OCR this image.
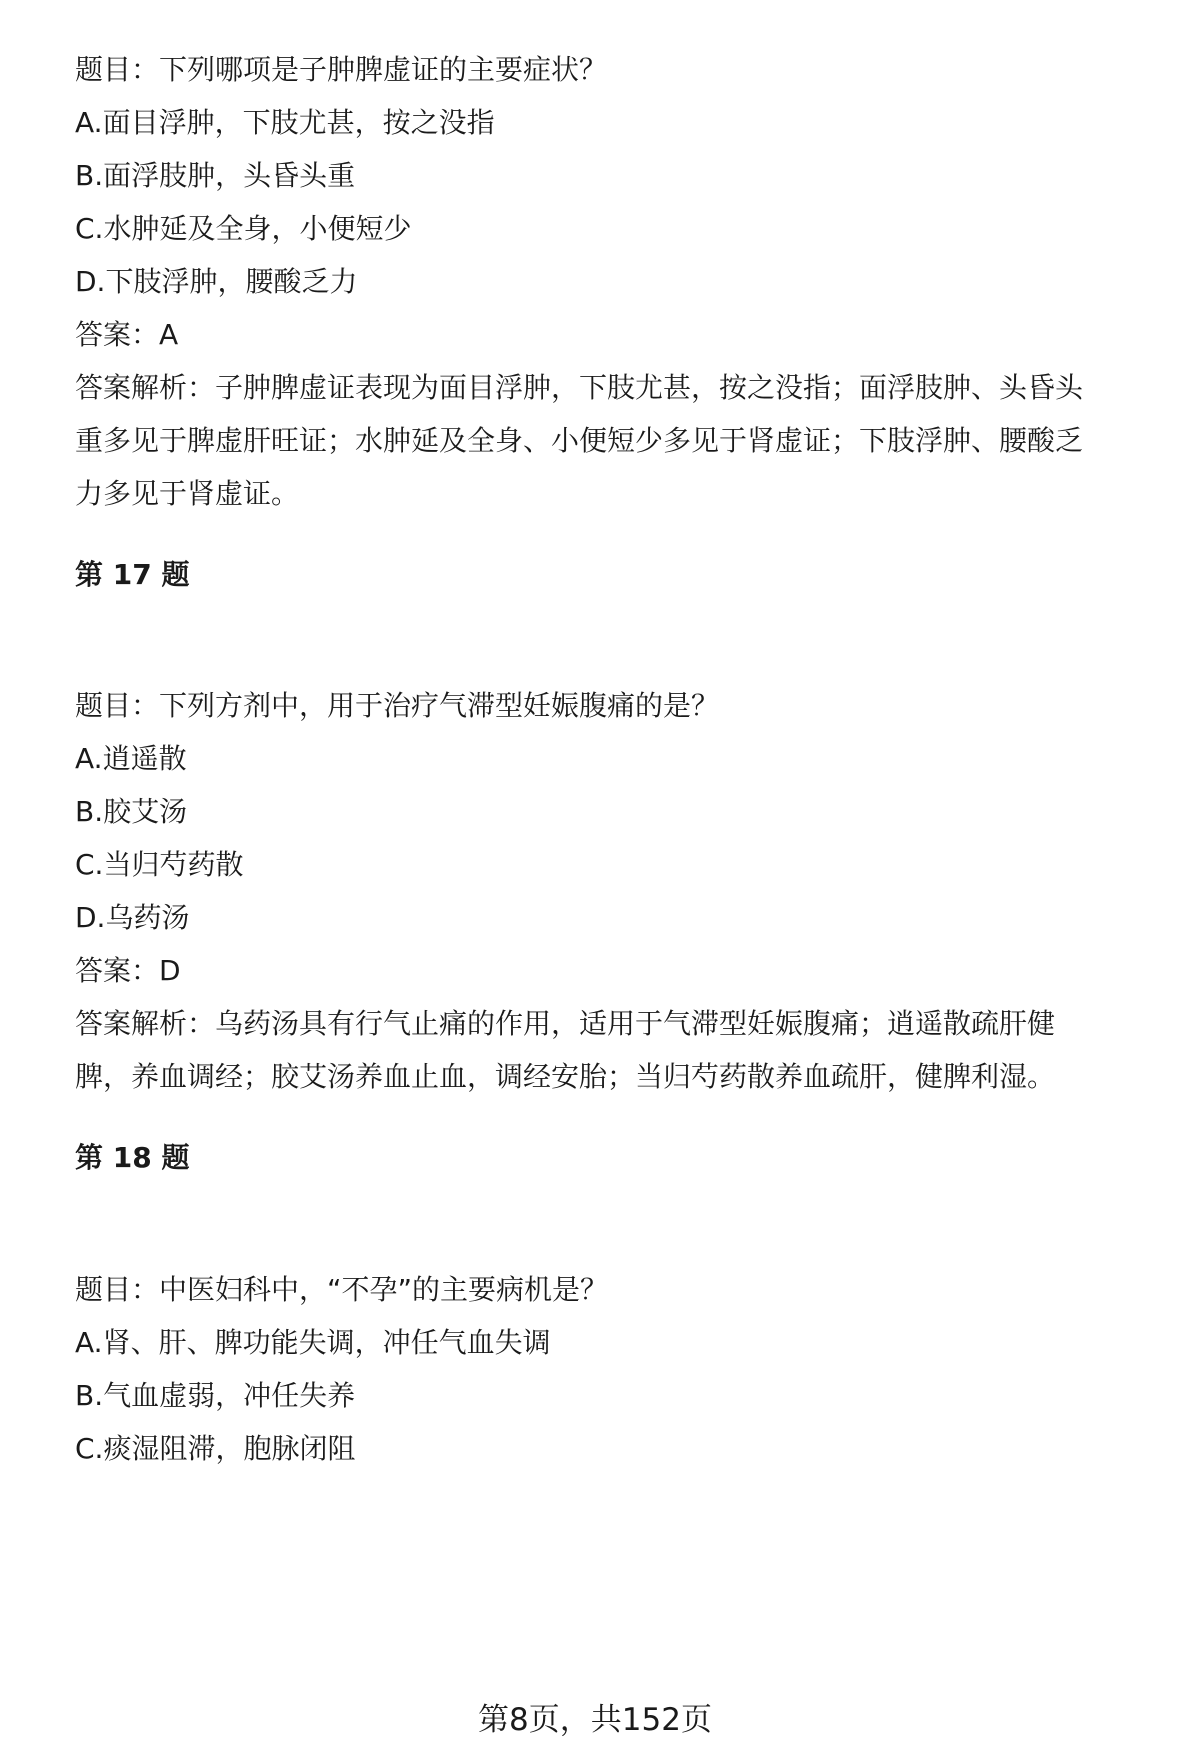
题目：下列哪项是子肿脾虚证的主要症状？
A.面目浮肿，下肢尤甚，按之没指
B.面浮肢肿，头昏头重
C.水肿延及全身，小便短少
D.下肢浮肿，腰酸乏力
答案：A
答案解析：子肿脾虚证表现为面目浮肿，下肢尤甚，按之没指；面浮肢肿、头昏头
重多见于脾虚肝旺证；水肿延及全身、小便短少多见于肾虚证；下肢浮肿、腰酸乏
力多见于肾虚证。
第 17 题
题目：下列方剂中，用于治疗气滞型妊娠腹痛的是？
A.逍遥散
B.胶艾汤
C.当归芍药散
D.乌药汤
答案：D
答案解析：乌药汤具有行气止痛的作用，适用于气滞型妊娠腹痛；逍遥散疏肝健
脾，养血调经；胶艾汤养血止血，调经安胎；当归芍药散养血疏肝，健脾利湿。
第 18 题
题目：中医妇科中，“不孕”的主要病机是？
A.肾、肝、脾功能失调，冲任气血失调
B.气血虚弱，冲任失养
C.痰湿阻滞，胞脉闭阻
第8页，共152页
